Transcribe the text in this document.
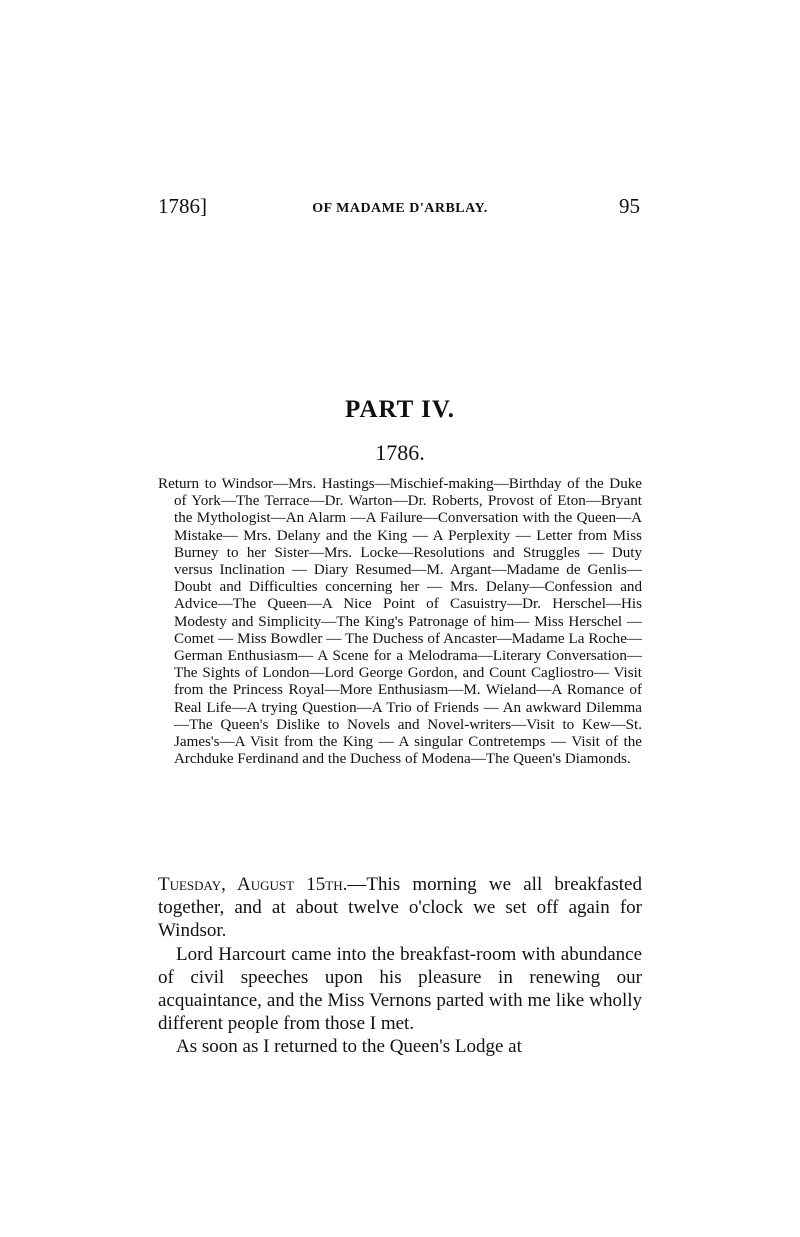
1786]	OF MADAME D'ARBLAY.	95
PART IV.
1786.
Return to Windsor—Mrs. Hastings—Mischief-making—Birthday of the Duke of York—The Terrace—Dr. Warton—Dr. Roberts, Provost of Eton—Bryant the Mythologist—An Alarm —A Failure—Conversation with the Queen—A Mistake— Mrs. Delany and the King — A Perplexity — Letter from Miss Burney to her Sister—Mrs. Locke—Resolutions and Struggles — Duty versus Inclination — Diary Resumed—M. Argant—Madame de Genlis—Doubt and Difficulties concerning her — Mrs. Delany—Confession and Advice—The Queen—A Nice Point of Casuistry—Dr. Herschel—His Modesty and Simplicity—The King's Patronage of him— Miss Herschel — Comet — Miss Bowdler — The Duchess of Ancaster—Madame La Roche—German Enthusiasm— A Scene for a Melodrama—Literary Conversation—The Sights of London—Lord George Gordon, and Count Cagliostro— Visit from the Princess Royal—More Enthusiasm—M. Wieland—A Romance of Real Life—A trying Question—A Trio of Friends — An awkward Dilemma—The Queen's Dislike to Novels and Novel-writers—Visit to Kew—St. James's—A Visit from the King — A singular Contretemps — Visit of the Archduke Ferdinand and the Duchess of Modena—The Queen's Diamonds.

Tuesday, August 15th.—This morning we all breakfasted together, and at about twelve o'clock we set off again for Windsor.

Lord Harcourt came into the breakfast-room with abundance of civil speeches upon his pleasure in renewing our acquaintance, and the Miss Vernons parted with me like wholly different people from those I met.

As soon as I returned to the Queen's Lodge at
